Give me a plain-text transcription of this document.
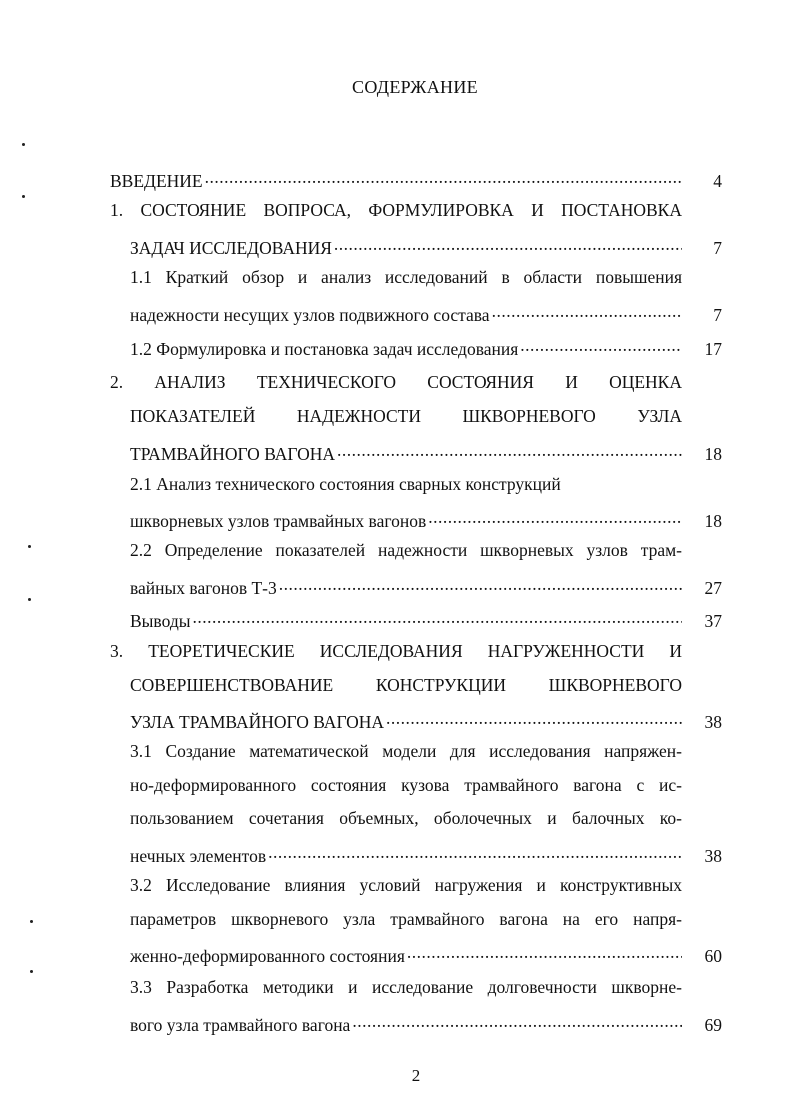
СОДЕРЖАНИЕ
ВВЕДЕНИЕ .....	4
1. СОСТОЯНИЕ ВОПРОСА, ФОРМУЛИРОВКА И ПОСТАНОВКА
ЗАДАЧ ИССЛЕДОВАНИЯ .....	7
1.1 Краткий обзор и анализ исследований в области повышения
надежности несущих узлов подвижного состава .....	7
1.2 Формулировка и постановка задач исследования .....	17
2. АНАЛИЗ ТЕХНИЧЕСКОГО СОСТОЯНИЯ И ОЦЕНКА
ПОКАЗАТЕЛЕЙ НАДЕЖНОСТИ ШКВОРНЕВОГО УЗЛА
ТРАМВАЙНОГО ВАГОНА .....	18
2.1 Анализ технического состояния сварных конструкций
шкворневых узлов трамвайных вагонов .....	18
2.2 Определение показателей надежности шкворневых узлов трам-
вайных вагонов Т-3 .....	27
Выводы .....	37
3. ТЕОРЕТИЧЕСКИЕ ИССЛЕДОВАНИЯ НАГРУЖЕННОСТИ И
СОВЕРШЕНСТВОВАНИЕ КОНСТРУКЦИИ ШКВОРНЕВОГО
УЗЛА ТРАМВАЙНОГО ВАГОНА .....	38
3.1 Создание математической модели для исследования напряжен-
но-деформированного состояния кузова трамвайного вагона с ис-
пользованием сочетания объемных, оболочечных и балочных ко-
нечных элементов .....	38
3.2 Исследование влияния условий нагружения и конструктивных
параметров шкворневого узла трамвайного вагона на его напря-
женно-деформированного состояния .....	60
3.3 Разработка методики и исследование долговечности шкворне-
вого узла трамвайного вагона .....	69
2
